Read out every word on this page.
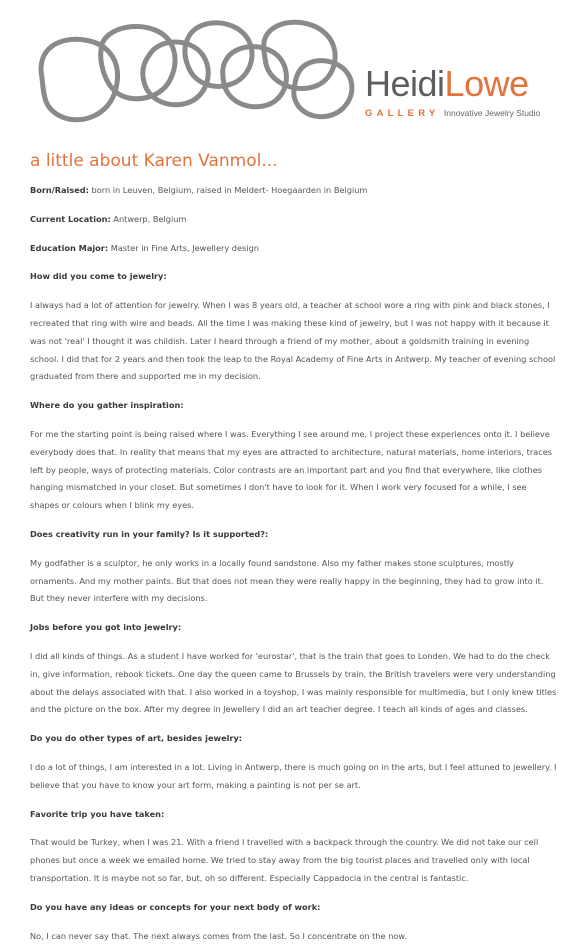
HeidiLowe
GALLERY Innovative Jewelry Studio
a little about Karen Vanmol...

Born/Raised: born in Leuven, Belgium, raised in Meldert- Hoegaarden in Belgium

Current Location: Antwerp, Belgium

Education Major: Master in Fine Arts, Jewellery design

How did you come to jewelry:

I always had a lot of attention for jewelry. When I was 8 years old, a teacher at school wore a ring with pink and black stones, I recreated that ring with wire and beads. All the time I was making these kind of jewelry, but I was not happy with it because it was not 'real' I thought it was childish. Later I heard through a friend of my mother, about a goldsmith training in evening school. I did that for 2 years and then took the leap to the Royal Academy of Fine Arts in Antwerp. My teacher of evening school graduated from there and supported me in my decision.

Where do you gather inspiration:

For me the starting point is being raised where I was. Everything I see around me, I project these experiences onto it. I believe everybody does that. In reality that means that my eyes are attracted to architecture, natural materials, home interiors, traces left by people, ways of protecting materials. Color contrasts are an important part and you find that everywhere, like clothes hanging mismatched in your closet. But sometimes I don't have to look for it. When I work very focused for a while, I see shapes or colours when I blink my eyes.

Does creativity run in your family? Is it supported?:

My godfather is a sculptor, he only works in a locally found sandstone. Also my father makes stone sculptures, mostly ornaments. And my mother paints. But that does not mean they were really happy in the beginning, they had to grow into it. But they never interfere with my decisions.

Jobs before you got into jewelry:

I did all kinds of things. As a student I have worked for 'eurostar', that is the train that goes to Londen. We had to do the check in, give information, rebook tickets. One day the queen came to Brussels by train, the British travelers were very understanding about the delays associated with that. I also worked in a toyshop, I was mainly responsible for multimedia, but I only knew titles and the picture on the box. After my degree in Jewellery I did an art teacher degree. I teach all kinds of ages and classes.

Do you do other types of art, besides jewelry:

I do a lot of things, I am interested in a lot. Living in Antwerp, there is much going on in the arts, but I feel attuned to jewellery. I believe that you have to know your art form, making a painting is not per se art.

Favorite trip you have taken:

That would be Turkey, when I was 21. With a friend I travelled with a backpack through the country. We did not take our cell phones but once a week we emailed home. We tried to stay away from the big tourist places and travelled only with local transportation. It is maybe not so far, but, oh so different. Especially Cappadocia in the central is fantastic.

Do you have any ideas or concepts for your next body of work:

No, I can never say that. The next always comes from the last. So I concentrate on the now.
